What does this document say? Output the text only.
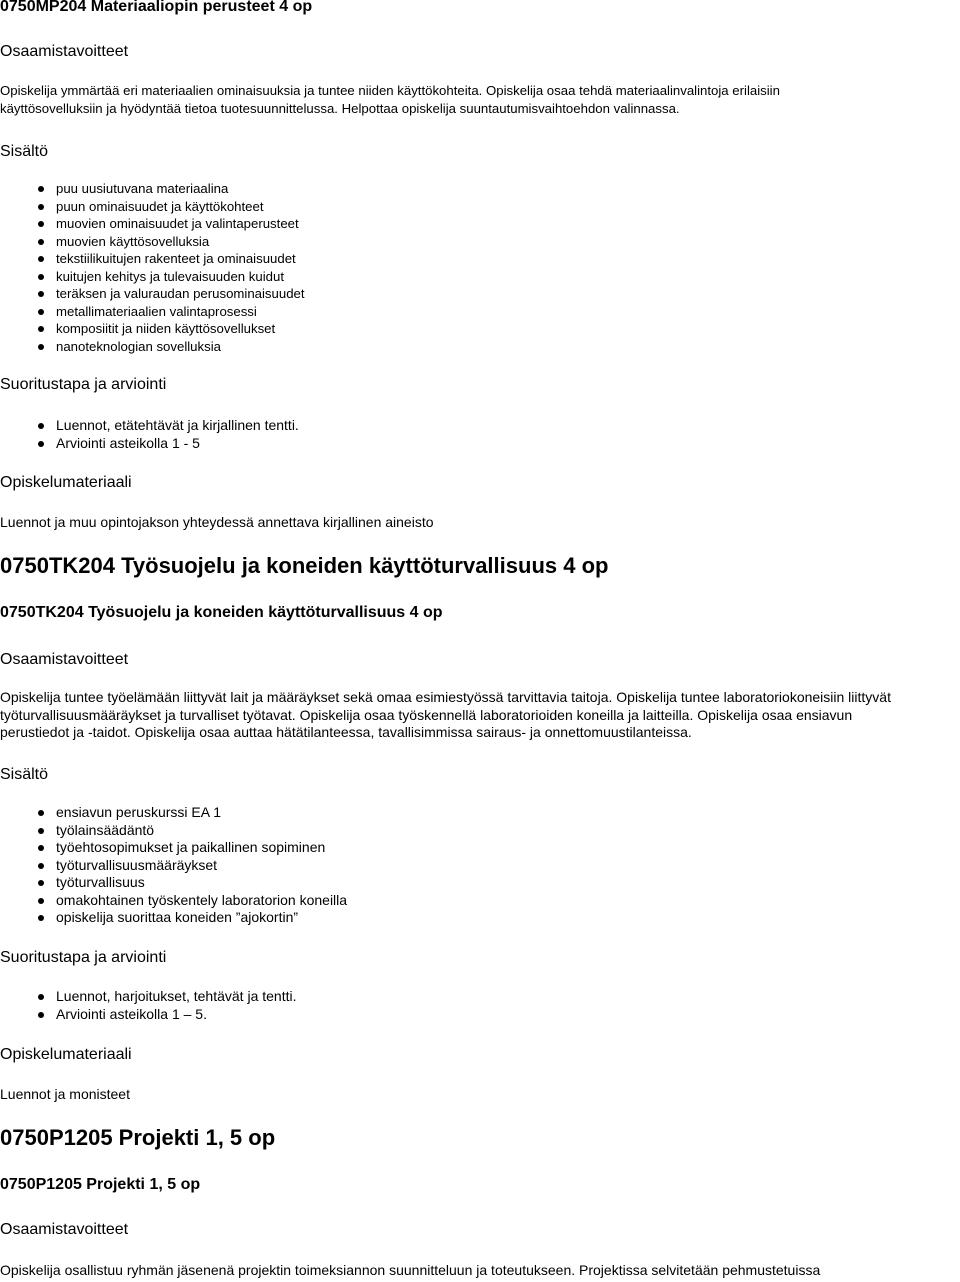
0750MP204 Materiaaliopin perusteet 4 op
Osaamistavoitteet
Opiskelija ymmärtää eri materiaalien ominaisuuksia ja tuntee niiden käyttökohteita. Opiskelija osaa tehdä materiaalinvalintoja erilaisiin
käyttösovelluksiin ja hyödyntää tietoa tuotesuunnittelussa. Helpottaa opiskelija suuntautumisvaihtoehdon valinnassa.
Sisältö
puu uusiutuvana materiaalina
puun ominaisuudet ja käyttökohteet
muovien ominaisuudet ja valintaperusteet
muovien käyttösovelluksia
tekstiilikuitujen rakenteet ja ominaisuudet
kuitujen kehitys ja tulevaisuuden kuidut
teräksen ja valuraudan perusominaisuudet
metallimateriaalien valintaprosessi
komposiitit ja niiden käyttösovellukset
nanoteknologian sovelluksia
Suoritustapa ja arviointi
Luennot, etätehtävät ja kirjallinen tentti.
Arviointi asteikolla 1 - 5
Opiskelumateriaali
Luennot ja muu opintojakson yhteydessä annettava kirjallinen aineisto
0750TK204 Työsuojelu ja koneiden käyttöturvallisuus 4 op
0750TK204 Työsuojelu ja koneiden käyttöturvallisuus 4 op
Osaamistavoitteet
Opiskelija tuntee työelämään liittyvät lait ja määräykset sekä omaa esimiestyössä tarvittavia taitoja. Opiskelija tuntee laboratoriokoneisiin liittyvät
työturvallisuusmääräykset ja turvalliset työtavat. Opiskelija osaa työskennellä laboratorioiden koneilla ja laitteilla. Opiskelija osaa ensiavun
perustiedot ja -taidot. Opiskelija osaa auttaa hätätilanteessa, tavallisimmissa sairaus- ja onnettomuustilanteissa.
Sisältö
ensiavun peruskurssi EA 1
työlainsäädäntö
työehtosopimukset ja paikallinen sopiminen
työturvallisuusmääräykset
työturvallisuus
omakohtainen työskentely laboratorion koneilla
opiskelija suorittaa koneiden ”ajokortin”
Suoritustapa ja arviointi
Luennot, harjoitukset, tehtävät ja tentti.
Arviointi asteikolla 1 – 5.
Opiskelumateriaali
Luennot ja monisteet
0750P1205 Projekti 1, 5 op
0750P1205 Projekti 1, 5 op
Osaamistavoitteet
Opiskelija osallistuu ryhmän jäsenenä projektin toimeksiannon suunnitteluun ja toteutukseen. Projektissa selvitetään pehmustetuissa
